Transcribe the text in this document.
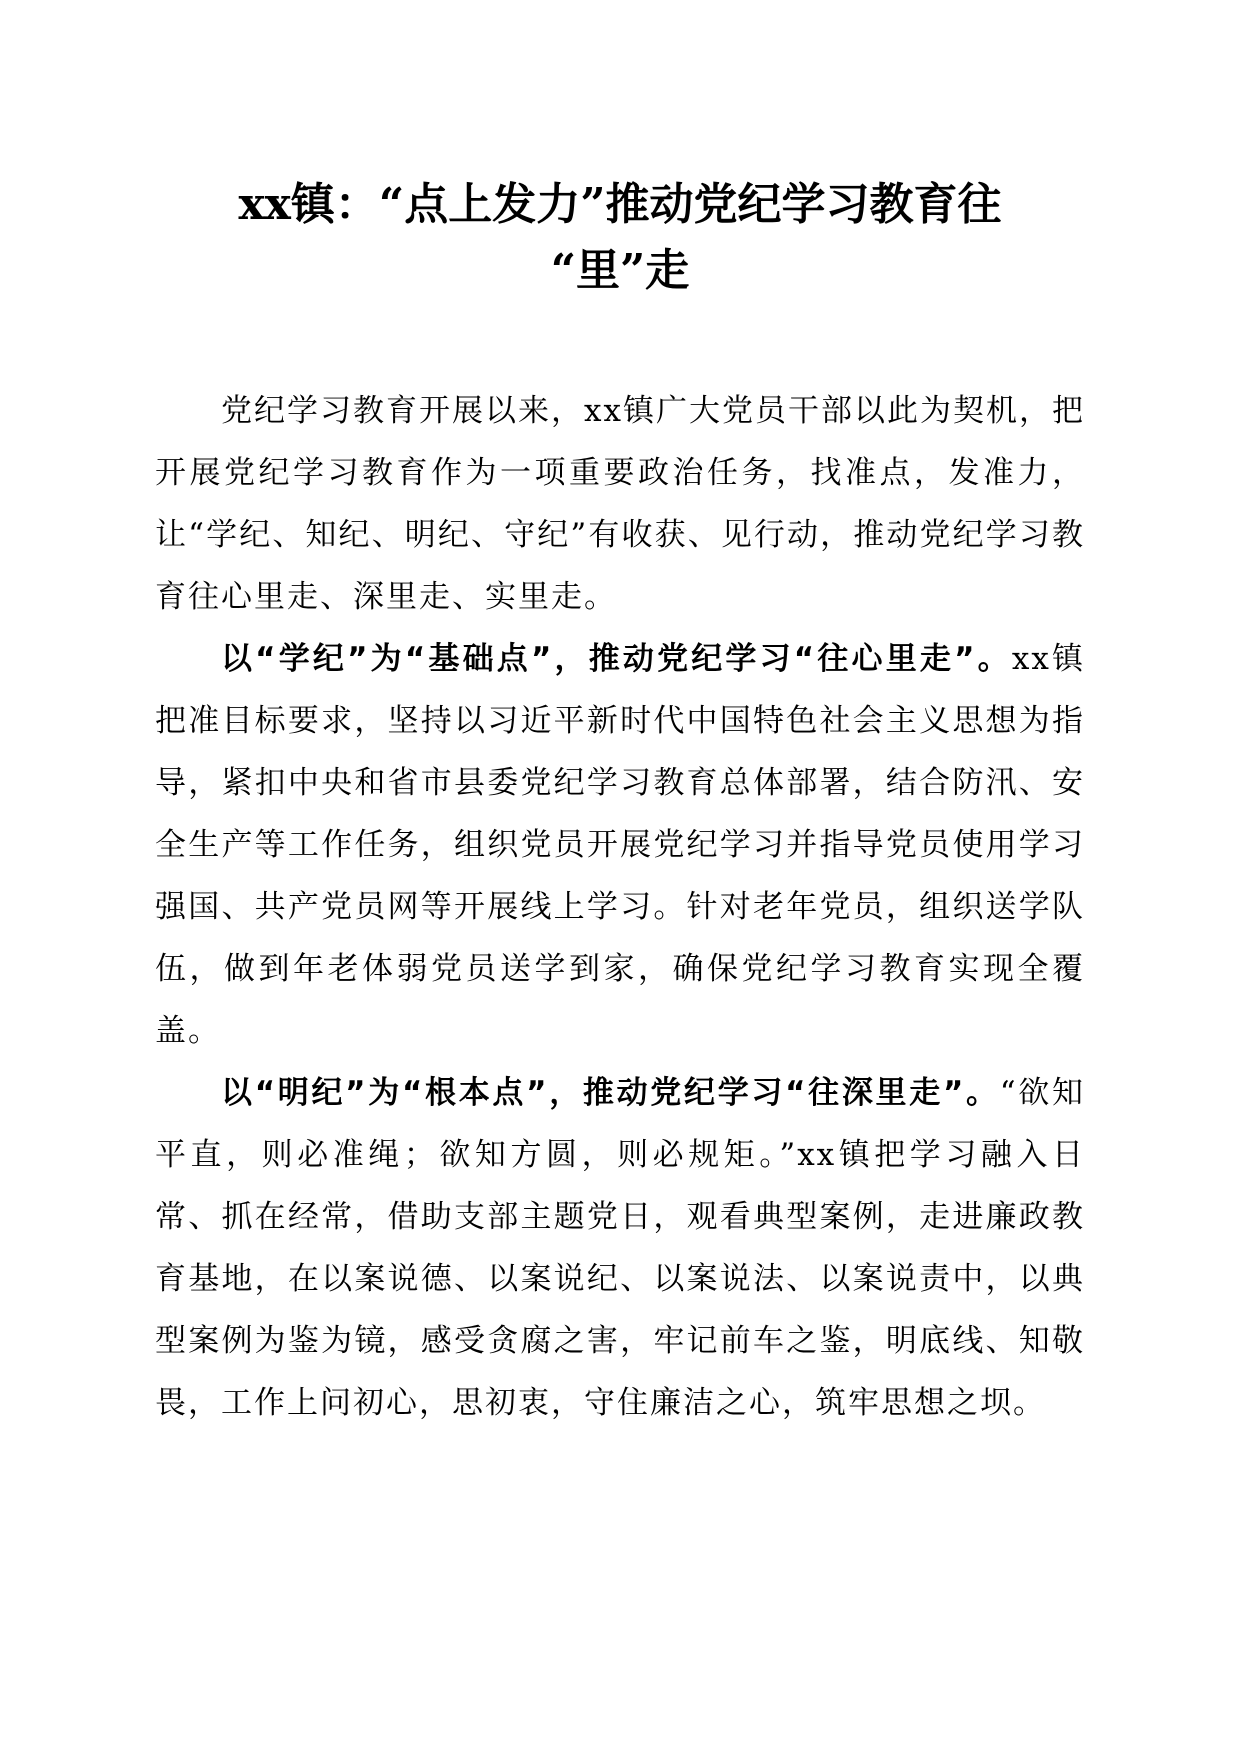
xx镇：“点上发力”推动党纪学习教育往
“里”走

党纪学习教育开展以来，xx镇广大党员干部以此为契机，把开展党纪学习教育作为一项重要政治任务，找准点，发准力，让“学纪、知纪、明纪、守纪”有收获、见行动，推动党纪学习教育往心里走、深里走、实里走。

以“学纪”为“基础点”，推动党纪学习“往心里走”。xx镇把准目标要求，坚持以习近平新时代中国特色社会主义思想为指导，紧扣中央和省市县委党纪学习教育总体部署，结合防汛、安全生产等工作任务，组织党员开展党纪学习并指导党员使用学习强国、共产党员网等开展线上学习。针对老年党员，组织送学队伍，做到年老体弱党员送学到家，确保党纪学习教育实现全覆盖。

以“明纪”为“根本点”，推动党纪学习“往深里走”。“欲知平直，则必准绳；欲知方圆，则必规矩。”xx镇把学习融入日常、抓在经常，借助支部主题党日，观看典型案例，走进廉政教育基地，在以案说德、以案说纪、以案说法、以案说责中，以典型案例为鉴为镜，感受贪腐之害，牢记前车之鉴，明底线、知敬畏，工作上问初心，思初衷，守住廉洁之心，筑牢思想之坝。
